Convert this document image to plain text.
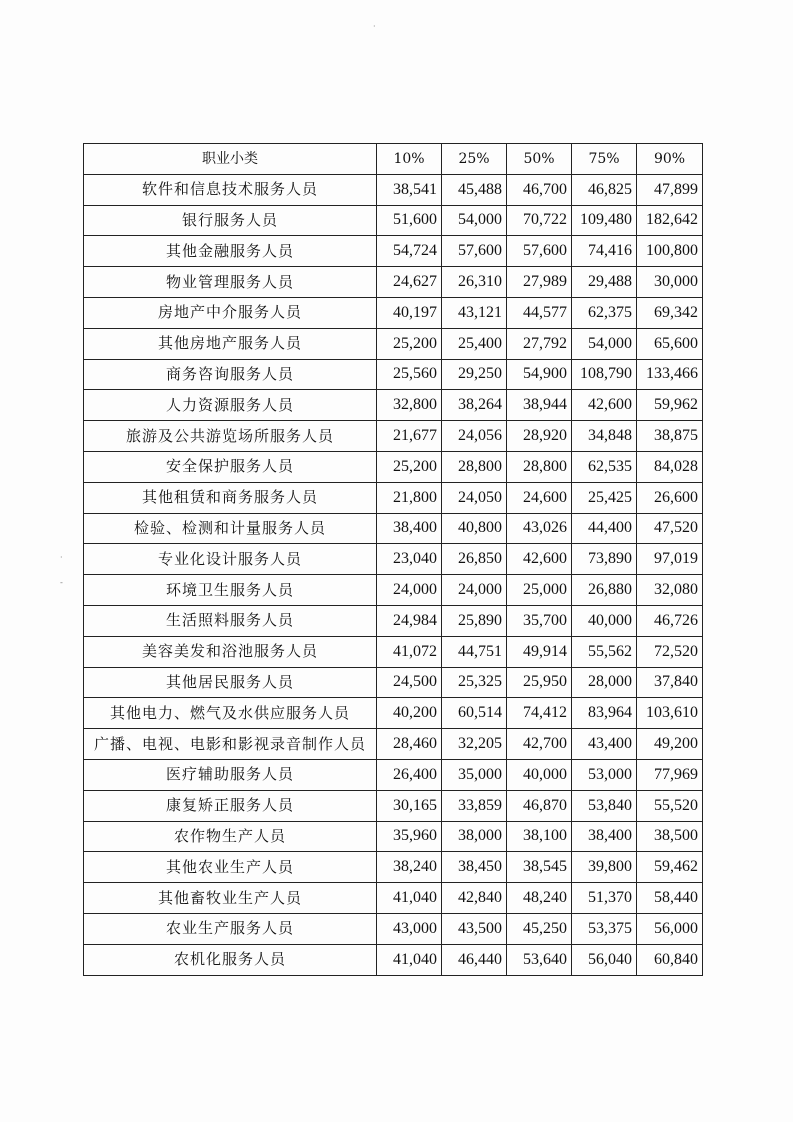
职业小类	10%	25%	50%	75%	90%
软件和信息技术服务人员	38,541	45,488	46,700	46,825	47,899
银行服务人员	51,600	54,000	70,722	109,480	182,642
其他金融服务人员	54,724	57,600	57,600	74,416	100,800
物业管理服务人员	24,627	26,310	27,989	29,488	30,000
房地产中介服务人员	40,197	43,121	44,577	62,375	69,342
其他房地产服务人员	25,200	25,400	27,792	54,000	65,600
商务咨询服务人员	25,560	29,250	54,900	108,790	133,466
人力资源服务人员	32,800	38,264	38,944	42,600	59,962
旅游及公共游览场所服务人员	21,677	24,056	28,920	34,848	38,875
安全保护服务人员	25,200	28,800	28,800	62,535	84,028
其他租赁和商务服务人员	21,800	24,050	24,600	25,425	26,600
检验、检测和计量服务人员	38,400	40,800	43,026	44,400	47,520
专业化设计服务人员	23,040	26,850	42,600	73,890	97,019
环境卫生服务人员	24,000	24,000	25,000	26,880	32,080
生活照料服务人员	24,984	25,890	35,700	40,000	46,726
美容美发和浴池服务人员	41,072	44,751	49,914	55,562	72,520
其他居民服务人员	24,500	25,325	25,950	28,000	37,840
其他电力、燃气及水供应服务人员	40,200	60,514	74,412	83,964	103,610
广播、电视、电影和影视录音制作人员	28,460	32,205	42,700	43,400	49,200
医疗辅助服务人员	26,400	35,000	40,000	53,000	77,969
康复矫正服务人员	30,165	33,859	46,870	53,840	55,520
农作物生产人员	35,960	38,000	38,100	38,400	38,500
其他农业生产人员	38,240	38,450	38,545	39,800	59,462
其他畜牧业生产人员	41,040	42,840	48,240	51,370	58,440
农业生产服务人员	43,000	43,500	45,250	53,375	56,000
农机化服务人员	41,040	46,440	53,640	56,040	60,840
·
-
·
